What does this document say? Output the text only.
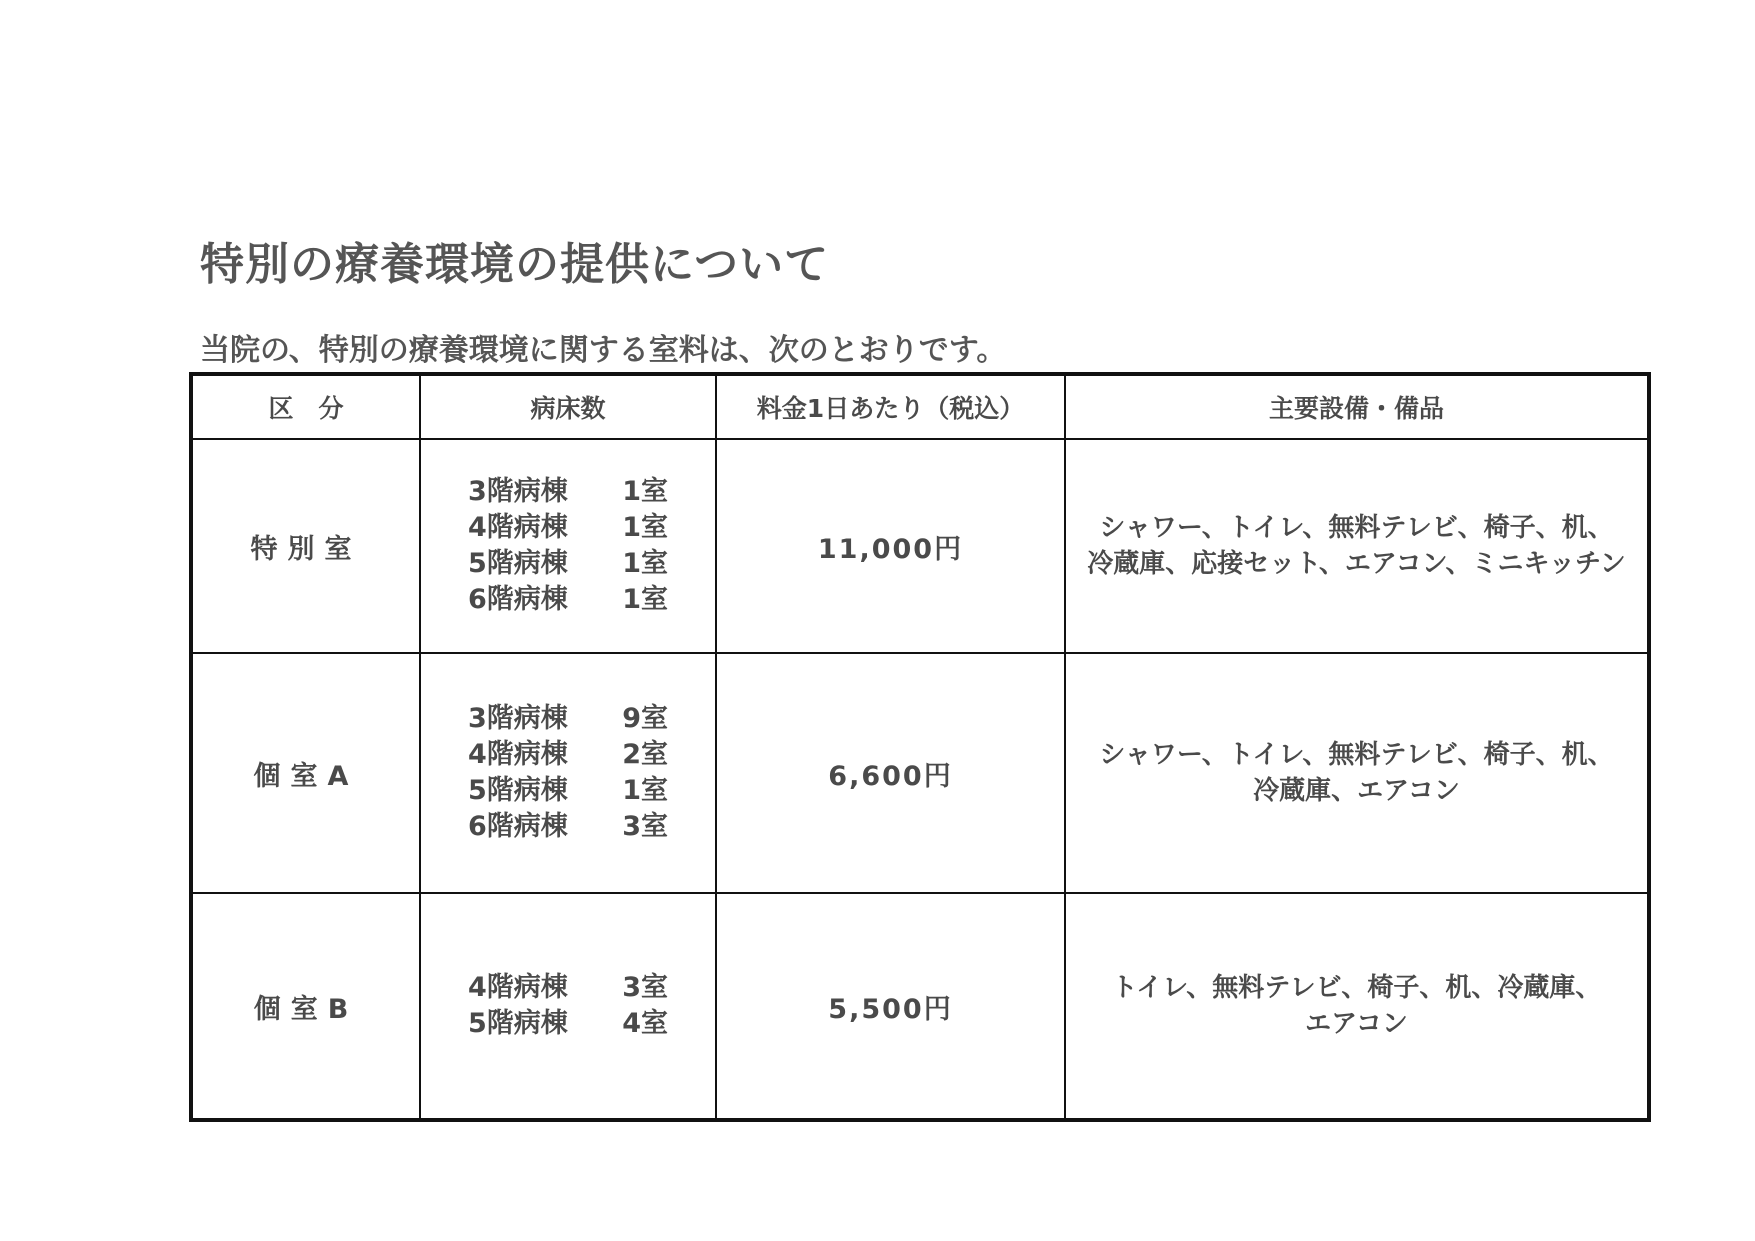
特別の療養環境の提供について

当院の、特別の療養環境に関する室料は、次のとおりです。

区　分	病床数	料金1日あたり（税込）	主要設備・備品
特別室	3階病棟 1室
4階病棟 1室
5階病棟 1室
6階病棟 1室	11,000円	シャワー、トイレ、無料テレビ、椅子、机、
冷蔵庫、応接セット、エアコン、ミニキッチン

個室A	3階病棟 9室
4階病棟 2室
5階病棟 1室
6階病棟 3室	6,600円	シャワー、トイレ、無料テレビ、椅子、机、
冷蔵庫、エアコン

個室B	4階病棟 3室
5階病棟 4室	5,500円	トイレ、無料テレビ、椅子、机、冷蔵庫、
エアコン
